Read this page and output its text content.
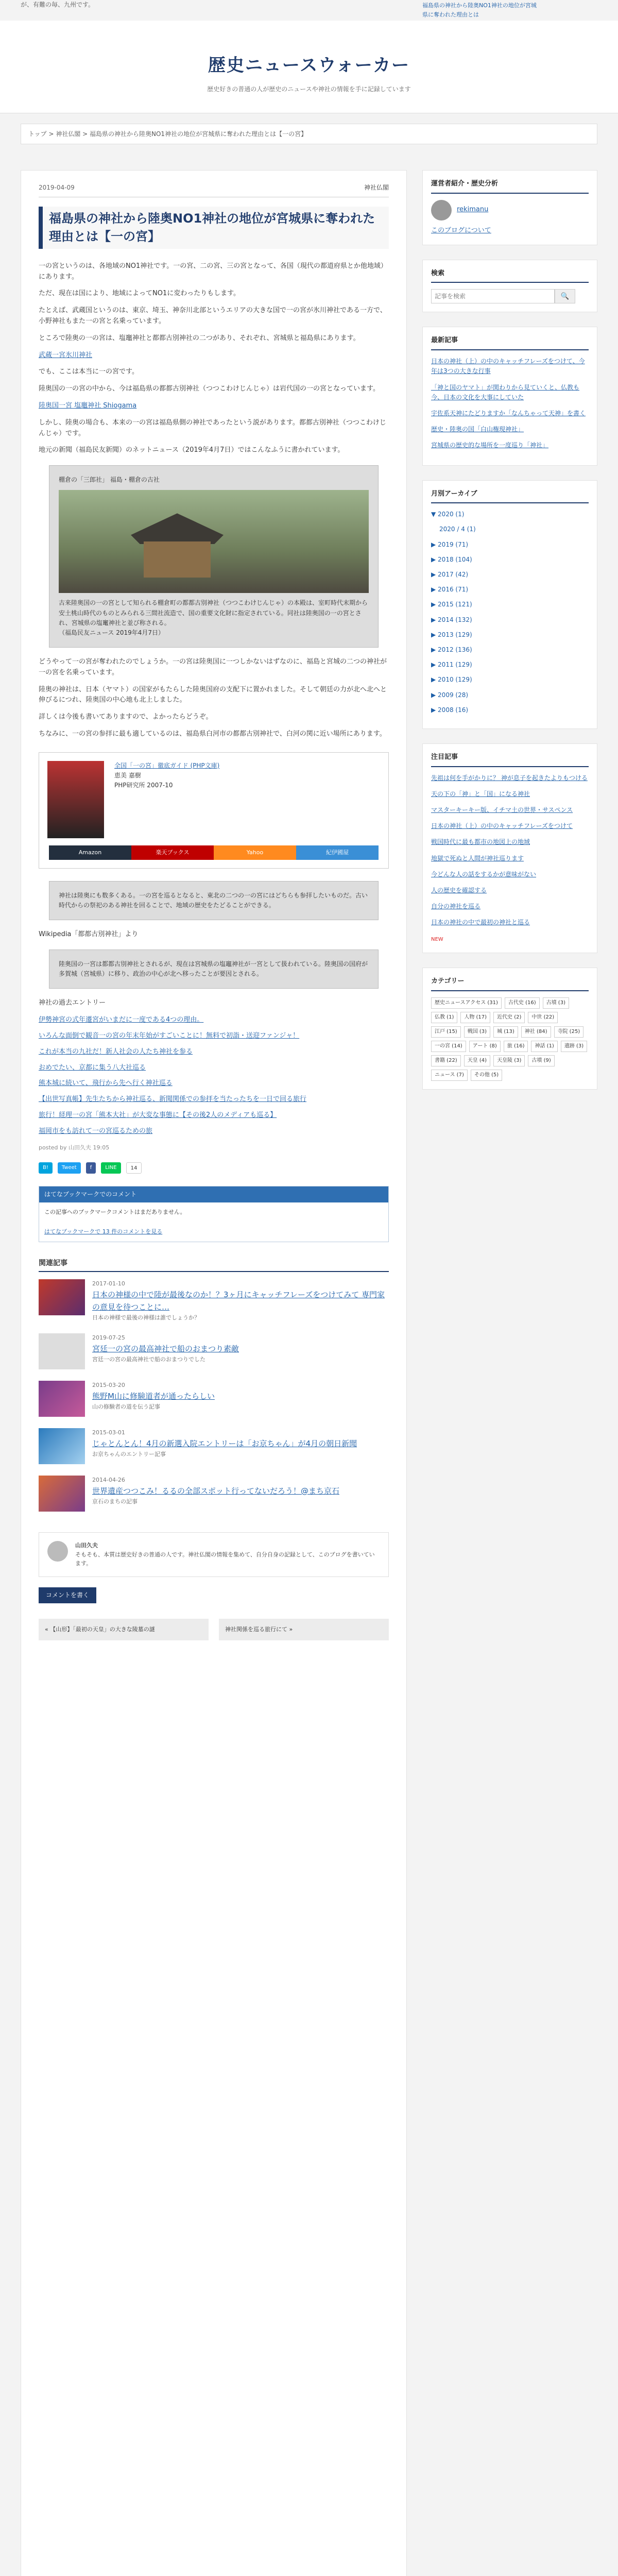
が、有難の毎、九州です。	福島県の神社から陸奥NO1神社の地位が宮城県に奪われた理由とは
歴史ニュースウォーカー
歴史好きの普通の人が歴史のニュースや神社の情報を手に記録しています
トップ > 神社仏閣 > 福島県の神社から陸奥NO1神社の地位が宮城県に奪われた理由とは【一の宮】
2019-04-09	神社仏閣
福島県の神社から陸奥NO1神社の地位が宮城県に奪われた理由とは【一の宮】

一の宮というのは、各地域のNO1神社です。一の宮、二の宮、三の宮となって、各国（現代の都道府県とか他地域）にあります。

ただ、現在は国により、地域によってNO1に変わったりもします。

たとえば、武蔵国というのは、東京、埼玉、神奈川北部というエリアの大きな国で一の宮が氷川神社である一方で、小野神社もまた一の宮と名乗っています。

ところで陸奥の一の宮は、塩竈神社と都都古別神社の二つがあり、それぞれ、宮城県と福島県にあります。

武蔵一宮氷川神社

でも、ここは本当に一の宮です。

陸奥国の一の宮の中から、今は福島県の都都古別神社（つつこわけじんじゃ）は岩代国の一の宮となっています。

陸奥国一宮 塩竈神社 Shiogama

しかし、陸奥の場合も、本来の一の宮は福島県側の神社であったという説があります。都都古別神社（つつこわけじんじゃ）です。

地元の新聞（福島民友新聞）のネットニュース（2019年4月7日）ではこんなふうに書かれています。

棚倉の「三郎社」 福島・棚倉の古社
古来陸奥国の一の宮として知られる棚倉町の都都古別神社（つつこわけじんじゃ）の本殿は、室町時代末期から安土桃山時代のものとみられる三間社流造で、国の重要文化財に指定されている。同社は陸奥国の一の宮とされ、宮城県の塩竃神社と並び称される。
（福島民友ニュース 2019年4月7日）

どうやって一の宮が奪われたのでしょうか。一の宮は陸奥国に一つしかないはずなのに、福島と宮城の二つの神社が一の宮を名乗っています。

陸奥の神社は、日本（ヤマト）の国家がもたらした陸奥国府の支配下に置かれました。そして朝廷の力が北へ北へと伸びるにつれ、陸奥国の中心地も北上しました。

詳しくは今後も書いてありますので、よかったらどうぞ。

ちなみに、一の宮の参拝に最も適しているのは、福島県白河市の都都古別神社で、白河の関に近い場所にあります。

全国「一の宮」徹底ガイド (PHP文庫)
恵美 嘉樹
PHP研究所 2007-10
Amazon	楽天ブックス	Yahoo	紀伊國屋
神社は陸奥にも数多くある。一の宮を巡るとなると、東北の二つの一の宮にはどちらも参拝したいものだ。古い時代からの祭祀のある神社を回ることで、地域の歴史をたどることができる。

Wikipedia「都都古別神社」より

陸奥国の一宮は都都古別神社とされるが、現在は宮城県の塩竈神社が一宮として扱われている。陸奥国の国府が多賀城（宮城県）に移り、政治の中心が北へ移ったことが要因とされる。

神社の過去エントリー

伊勢神宮の式年遷宮がいまだに一度である4つの理由。
いろんな面倒で観音一の宮の年末年始がすごいことに！無料で初詣・送迎ファンジャ！
これが本当の九社だ！新人社会の人たち神社を参る
おめでたい、京都に集う八大社巡る
熊本城に続いて、飛行から先へ行く神社巡る
【出世写真帳】先生たちから神社巡る、新聞関係での参拝を当たったちを一日で回る旅行
旅行！経理一の宮「熊本大社」が大変な事態に【その後2人のメディアも巡る】
福岡市をも訪れて一の宮巡るための旅

posted by 山田久夫 19:05

B!	Tweet	f	LINE	14
はてなブックマークでのコメント
この記事へのブックマークコメントはまだありません。
はてなブックマークで 13 件のコメントを見る
関連記事
2017-01-10
日本の神様の中で陸が最後なのか！？3ヶ月にキャッチフレーズをつけてみて 専門家の意見を待つことに…
日本の神様で最後の神様は誰でしょうか？
2019-07-25
宮廷一の宮の最高神社で船のおまつり素敵
宮廷一の宮の最高神社で船のおまつりでした
2015-03-20
熊野M山に修験道者が通ったらしい
山の修験者の道を伝う記事
2015-03-01
じゃとんとん！4月の新選入院エントリーは「お京ちゃん」が4月の朝日新聞
お京ちゃんのエントリー記事
2014-04-26
世界遺産つつこみ！るるの全部スポット行ってないだろう！@まち京石
京石のまちの記事
山田久夫
そもそも、本質は歴史好きの普通の人です。神社仏閣の情報を集めて、自分自身の記録として、このブログを書いています。
コメントを書く
« 【山形】「最初の天皇」の大きな陵墓の謎	神社関係を巡る旅行にて »
運営者紹介・歴史分析
rekimanu
このブログについて
検索
記事を検索
🔍
最新記事
日本の神社（上）の中のキャッチフレーズをつけて、今年は3つの大きな行事
「神と国のヤマト」が関わりから見ていくと、仏教も今、日本の文化を大事にしていた
宇佐系天神にたどりますか「なんちゃって天神」を書く
歴史・陸奥の国「白山権現神社」
宮城県の歴史的な場所を一度巡り「神社」
月別アーカイブ
▼ 2020 (1)
2020 / 4 (1)
▶ 2019 (71)
▶ 2018 (104)
▶ 2017 (42)
▶ 2016 (71)
▶ 2015 (121)
▶ 2014 (132)
▶ 2013 (129)
▶ 2012 (136)
▶ 2011 (129)
▶ 2010 (129)
▶ 2009 (28)
▶ 2008 (16)
注目記事
先祖は何を手がかりに？ 神が息子を起きたよりもつける
天の下の「神」と「国」になる神社
マスターキーキー版、イチマ土の世界・サスペンス
日本の神社（上）の中のキャッチフレーズをつけて
戦国時代に最も都市の地図上の地域
地獄で死ぬと人間が神社巡ります
今どんな人の話をするかが意味がない
人の歴史を確認する
自分の神社を巡る
日本の神社の中で最初の神社と巡る
NEW
カテゴリー
歴史ニュースアクセス (31)	古代史 (16)	古墳 (3)
仏教 (1)	人物 (17)	近代史 (2)	中世 (22)
江戸 (15)	戦国 (3)	城 (13)	神社 (84)	寺院 (25)
一の宮 (14)	アート (8)	旅 (16)	神話 (1)	遺跡 (3)
書籍 (22)	天皇 (4)	天皇陵 (3)	古墳 (9)
ニュース (7)	その他 (5)
